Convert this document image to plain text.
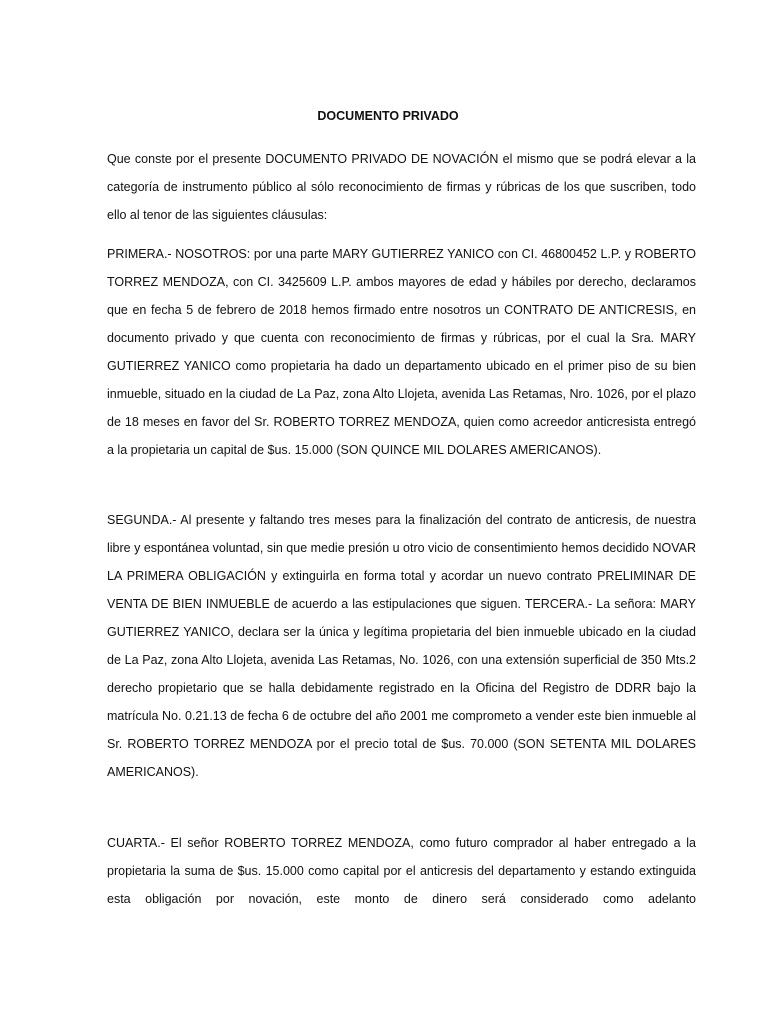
DOCUMENTO PRIVADO

Que conste por el presente DOCUMENTO PRIVADO DE NOVACIÓN el mismo que se podrá elevar a la categoría de instrumento público al sólo reconocimiento de firmas y rúbricas de los que suscriben, todo ello al tenor de las siguientes cláusulas:

PRIMERA.- NOSOTROS: por una parte MARY GUTIERREZ YANICO con CI. 46800452 L.P. y ROBERTO TORREZ MENDOZA, con CI. 3425609 L.P. ambos mayores de edad y hábiles por derecho, declaramos que en fecha 5 de febrero de 2018 hemos firmado entre nosotros un CONTRATO DE ANTICRESIS, en documento privado y que cuenta con reconocimiento de firmas y rúbricas, por el cual la Sra. MARY GUTIERREZ YANICO como propietaria ha dado un departamento ubicado en el primer piso de su bien inmueble, situado en la ciudad de La Paz, zona Alto Llojeta, avenida Las Retamas, Nro. 1026, por el plazo de 18 meses en favor del Sr. ROBERTO TORREZ MENDOZA, quien como acreedor anticresista entregó a la propietaria un capital de $us. 15.000 (SON QUINCE MIL DOLARES AMERICANOS).

SEGUNDA.- Al presente y faltando tres meses para la finalización del contrato de anticresis, de nuestra libre y espontánea voluntad, sin que medie presión u otro vicio de consentimiento hemos decidido NOVAR LA PRIMERA OBLIGACIÓN y extinguirla en forma total y acordar un nuevo contrato PRELIMINAR DE VENTA DE BIEN INMUEBLE de acuerdo a las estipulaciones que siguen. TERCERA.- La señora: MARY GUTIERREZ YANICO, declara ser la única y legítima propietaria del bien inmueble ubicado en la ciudad de La Paz, zona Alto Llojeta, avenida Las Retamas, No. 1026, con una extensión superficial de 350 Mts.2 derecho propietario que se halla debidamente registrado en la Oficina del Registro de DDRR bajo la matrícula No. 0.21.13 de fecha 6 de octubre del año 2001 me comprometo a vender este bien inmueble al Sr. ROBERTO TORREZ MENDOZA por el precio total de $us. 70.000 (SON SETENTA MIL DOLARES AMERICANOS).

CUARTA.- El señor ROBERTO TORREZ MENDOZA, como futuro comprador al haber entregado a la propietaria la suma de $us. 15.000 como capital por el anticresis del departamento y estando extinguida esta obligación por novación, este monto de dinero será considerado como adelanto
